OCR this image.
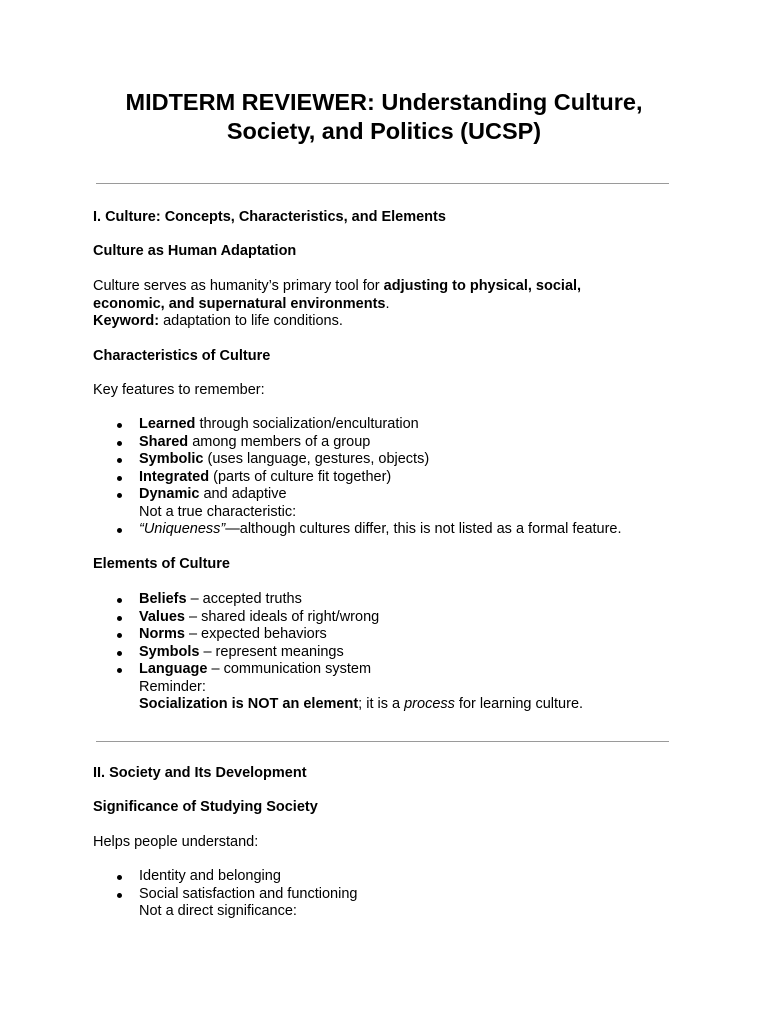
MIDTERM REVIEWER: Understanding Culture,
Society, and Politics (UCSP)

I. Culture: Concepts, Characteristics, and Elements

Culture as Human Adaptation

Culture serves as humanity’s primary tool for adjusting to physical, social, economic, and supernatural environments.
Keyword: adaptation to life conditions.

Characteristics of Culture

Key features to remember:

Learned through socialization/enculturation
Shared among members of a group
Symbolic (uses language, gestures, objects)
Integrated (parts of culture fit together)
Dynamic and adaptive

Not a true characteristic:

“Uniqueness”—although cultures differ, this is not listed as a formal feature.

Elements of Culture

Beliefs – accepted truths
Values – shared ideals of right/wrong
Norms – expected behaviors
Symbols – represent meanings
Language – communication system

Reminder:
Socialization is NOT an element; it is a process for learning culture.

II. Society and Its Development

Significance of Studying Society

Helps people understand:

Identity and belonging
Social satisfaction and functioning

Not a direct significance:
